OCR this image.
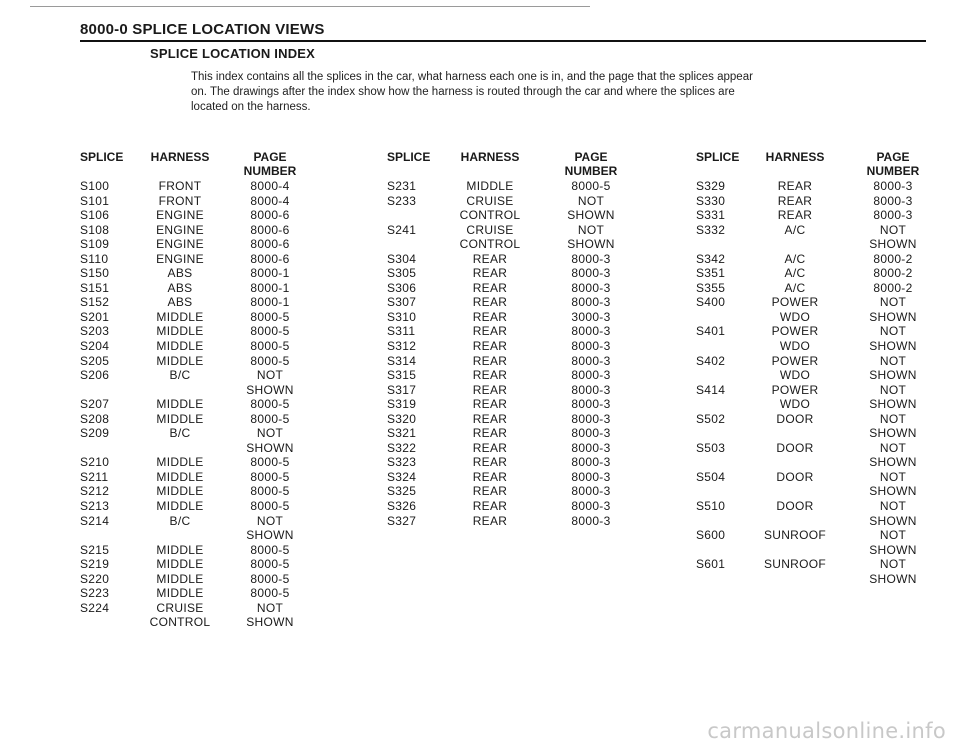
8000-0 SPLICE LOCATION VIEWS
SPLICE LOCATION INDEX

This index contains all the splices in the car, what harness each one is in, and the page that the splices appear

on. The drawings after the index show how the harness is routed through the car and where the splices are

located on the harness.

SPLICE
S100
S101
S106
S108
S109
S110
S150
S151
S152
S201
S203
S204
S205
S206
S207
S208
S209
S210
S211
S212
S213
S214
S215
S219
S220
S223
S224
HARNESS
FRONT
FRONT
ENGINE
ENGINE
ENGINE
ENGINE
ABS
ABS
ABS
MIDDLE
MIDDLE
MIDDLE
MIDDLE
B/C
MIDDLE
MIDDLE
B/C
MIDDLE
MIDDLE
MIDDLE
MIDDLE
B/C
MIDDLE
MIDDLE
MIDDLE
MIDDLE
CRUISE
CONTROL
PAGE
NUMBER
8000-4
8000-4
8000-6
8000-6
8000-6
8000-6
8000-1
8000-1
8000-1
8000-5
8000-5
8000-5
8000-5
NOT
SHOWN
8000-5
8000-5
NOT
SHOWN
8000-5
8000-5
8000-5
8000-5
NOT
SHOWN
8000-5
8000-5
8000-5
8000-5
NOT
SHOWN
SPLICE
S231
S233
S241
S304
S305
S306
S307
S310
S311
S312
S314
S315
S317
S319
S320
S321
S322
S323
S324
S325
S326
S327
HARNESS
MIDDLE
CRUISE
CONTROL
CRUISE
CONTROL
REAR
REAR
REAR
REAR
REAR
REAR
REAR
REAR
REAR
REAR
REAR
REAR
REAR
REAR
REAR
REAR
REAR
REAR
REAR
PAGE
NUMBER
8000-5
NOT
SHOWN
NOT
SHOWN
8000-3
8000-3
8000-3
8000-3
3000-3
8000-3
8000-3
8000-3
8000-3
8000-3
8000-3
8000-3
8000-3
8000-3
8000-3
8000-3
8000-3
8000-3
8000-3
SPLICE
S329
S330
S331
S332
S342
S351
S355
S400
S401
S402
S414
S502
S503
S504
S510
S600
S601
HARNESS
REAR
REAR
REAR
A/C
A/C
A/C
A/C
POWER
WDO
POWER
WDO
POWER
WDO
POWER
WDO
DOOR
DOOR
DOOR
DOOR
SUNROOF
SUNROOF
PAGE
NUMBER
8000-3
8000-3
8000-3
NOT
SHOWN
8000-2
8000-2
8000-2
NOT
SHOWN
NOT
SHOWN
NOT
SHOWN
NOT
SHOWN
NOT
SHOWN
NOT
SHOWN
NOT
SHOWN
NOT
SHOWN
NOT
SHOWN
NOT
SHOWN
carmanualsonline.info
